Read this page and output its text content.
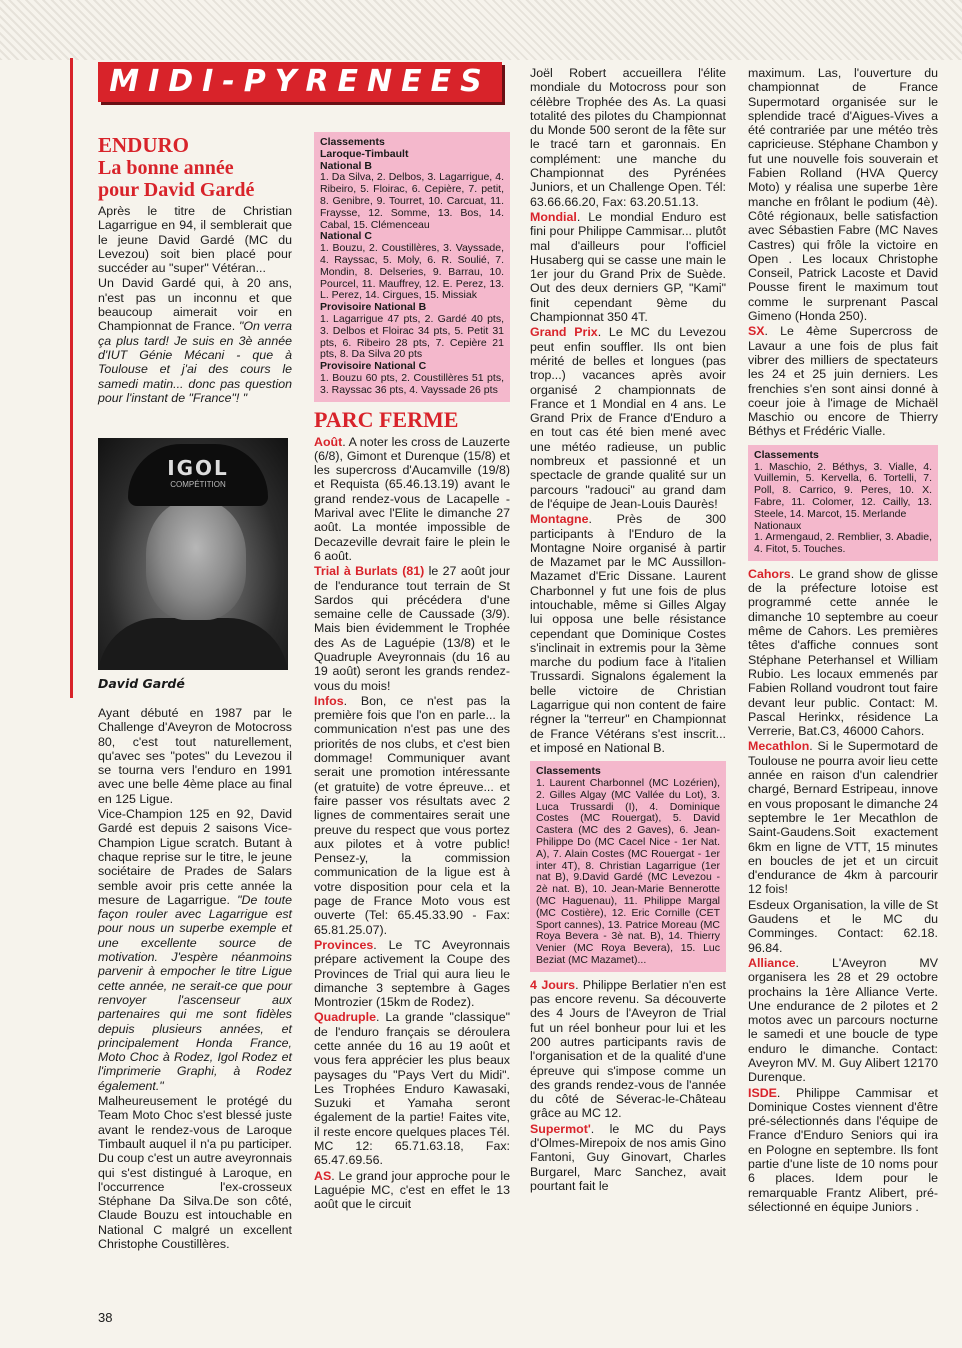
MIDI-PYRENEES
ENDURO
La bonne année
pour David Gardé

Après le titre de Christian Lagarrigue en 94, il semblerait que le jeune David Gardé (MC du Levezou) soit bien placé pour succéder au "super" Vétéran...

Un David Gardé qui, à 20 ans, n'est pas un inconnu et que beaucoup aimerait voir en Championnat de France. "On verra ça plus tard! Je suis en 3è année d'IUT Génie Mécani - que à Toulouse et j'ai des cours le samedi matin... donc pas question pour l'instant de "France"! "

IGOL
COMPÉTITION
David Gardé

Ayant débuté en 1987 par le Challenge d'Aveyron de Motocross 80, c'est tout naturellement, qu'avec ses "potes" du Levezou il se tourna vers l'enduro en 1991 avec une belle 4ème place au final en 125 Ligue.

Vice-Champion 125 en 92, David Gardé est depuis 2 saisons Vice-Champion Ligue scratch. Butant à chaque reprise sur le titre, le jeune sociétaire de Prades de Salars semble avoir pris cette année la mesure de Lagarrigue. "De toute façon rouler avec Lagarrigue est pour nous un superbe exemple et une excellente source de motivation. J'espère néanmoins parvenir à empocher le titre Ligue cette année, ne serait-ce que pour renvoyer l'ascenseur aux partenaires qui me sont fidèles depuis plusieurs années, et principalement Honda France, Moto Choc à Rodez, Igol Rodez et l'imprimerie Graphi, à Rodez également."

Malheureusement le protégé du Team Moto Choc s'est blessé juste avant le rendez-vous de Laroque Timbault auquel il n'a pu participer. Du coup c'est un autre aveyronnais qui s'est distingué à Laroque, en l'occurrence l'ex-crosseux Stéphane Da Silva.De son côté, Claude Bouzu est intouchable en National C malgré un excellent Christophe Coustillères.

Classements
Laroque-Timbault
National B
1. Da Silva, 2. Delbos, 3. Lagarrigue, 4. Ribeiro, 5. Floirac, 6. Cepière, 7. petit, 8. Genibre, 9. Tourret, 10. Carcuat, 11. Fraysse, 12. Somme, 13. Bos, 14. Cabal, 15. Clémenceau
National C
1. Bouzu, 2. Coustillères, 3. Vayssade, 4. Rayssac, 5. Moly, 6. R. Soulié, 7. Mondin, 8. Delseries, 9. Barrau, 10. Pourcel, 11. Mauffrey, 12. E. Perez, 13. L. Perez, 14. Cirgues, 15. Missiak
Provisoire National B
1. Lagarrigue 47 pts, 2. Gardé 40 pts, 3. Delbos et Floirac 34 pts, 5. Petit 31 pts, 6. Ribeiro 28 pts, 7. Cepière 21 pts, 8. Da Silva 20 pts
Provisoire National C
1. Bouzu 60 pts, 2. Coustillères 51 pts, 3. Rayssac 36 pts, 4. Vayssade 26 pts
PARC FERME

Août. A noter les cross de Lauzerte (6/8), Gimont et Durenque (15/8) et les supercross d'Aucamville (19/8) et Requista (65.46.13.19) avant le grand rendez-vous de Lacapelle -Marival avec l'Elite le dimanche 27 août. La montée impossible de Decazeville devrait faire le plein le 6 août.

Trial à Burlats (81) le 27 août jour de l'endurance tout terrain de St Sardos qui précédera d'une semaine celle de Caussade (3/9). Mais bien évidemment le Trophée des As de Laguépie (13/8) et le Quadruple Aveyronnais (du 16 au 19 août) seront les grands rendez-vous du mois!

Infos. Bon, ce n'est pas la première fois que l'on en parle... la communication n'est pas une des priorités de nos clubs, et c'est bien dommage! Communiquer avant serait une promotion intéressante (et gratuite) de votre épreuve... et faire passer vos résultats avec 2 lignes de commentaires serait une preuve du respect que vous portez aux pilotes et à votre public! Pensez-y, la commission communication de la ligue est à votre disposition pour cela et la page de France Moto vous est ouverte (Tel: 65.45.33.90 - Fax: 65.81.25.07).

Provinces. Le TC Aveyronnais prépare activement la Coupe des Provinces de Trial qui aura lieu le dimanche 3 septembre à Gages Montrozier (15km de Rodez).

Quadruple. La grande "classique" de l'enduro français se déroulera cette année du 16 au 19 août et vous fera apprécier les plus beaux paysages du "Pays Vert du Midi". Les Trophées Enduro Kawasaki, Suzuki et Yamaha seront également de la partie! Faites vite, il reste encore quelques places Tél. MC 12: 65.71.63.18, Fax: 65.47.69.56.

AS. Le grand jour approche pour le Laguépie MC, c'est en effet le 13 août que le circuit

Joël Robert accueillera l'élite mondiale du Motocross pour son célèbre Trophée des As. La quasi totalité des pilotes du Championnat du Monde 500 seront de la fête sur le tracé tarn et garonnais. En complément: une manche du Championnat des Pyrénées Juniors, et un Challenge Open. Tél: 63.66.66.20, Fax: 63.20.51.13.

Mondial. Le mondial Enduro est fini pour Philippe Cammisar... plutôt mal d'ailleurs pour l'officiel Husaberg qui se casse une main le 1er jour du Grand Prix de Suède. Out des deux derniers GP, "Kami" finit cependant 9ème du Championnat 350 4T.

Grand Prix. Le MC du Levezou peut enfin souffler. Ils ont bien mérité de belles et longues (pas trop...) vacances après avoir organisé 2 championnats de France et 1 Mondial en 4 ans. Le Grand Prix de France d'Enduro a en tout cas été bien mené avec une météo radieuse, un public nombreux et passionné et un spectacle de grande qualité sur un parcours "radouci" au grand dam de l'équipe de Jean-Louis Daurès!

Montagne. Près de 300 participants à l'Enduro de la Montagne Noire organisé à partir de Mazamet par le MC Aussillon-Mazamet d'Eric Dissane. Laurent Charbonnel y fut une fois de plus intouchable, même si Gilles Algay lui opposa une belle résistance cependant que Dominique Costes s'inclinait in extremis pour la 3ème marche du podium face à l'italien Trussardi. Signalons également la belle victoire de Christian Lagarrigue qui non content de faire régner la "terreur" en Championnat de France Vétérans s'est inscrit... et imposé en National B.

Classements
1. Laurent Charbonnel (MC Lozérien), 2. Gilles Algay (MC Vallée du Lot), 3. Luca Trussardi (I), 4. Dominique Costes (MC Rouergat), 5. David Castera (MC des 2 Gaves), 6. Jean-Philippe Do (MC Cacel Nice - 1er Nat. A), 7. Alain Costes (MC Rouergat - 1er inter 4T), 8. Christian Lagarrigue (1er nat B), 9.David Gardé (MC Levezou - 2è nat. B), 10. Jean-Marie Bennerotte (MC Haguenau), 11. Philippe Margal (MC Costière), 12. Eric Cornille (CET Sport cannes), 13. Patrice Moreau (MC Roya Bevera - 3è nat. B), 14. Thierry Venier (MC Roya Bevera), 15. Luc Beziat (MC Mazamet)...

4 Jours. Philippe Berlatier n'en est pas encore revenu. Sa découverte des 4 Jours de l'Aveyron de Trial fut un réel bonheur pour lui et les 200 autres participants ravis de l'organisation et de la qualité d'une épreuve qui s'impose comme un des grands rendez-vous de l'année du côté de Séverac-le-Château grâce au MC 12.

Supermot'. le MC du Pays d'Olmes-Mirepoix de nos amis Gino Fantoni, Guy Ginovart, Charles Burgarel, Marc Sanchez, avait pourtant fait le

maximum. Las, l'ouverture du championnat de France Supermotard organisée sur le splendide tracé d'Aigues-Vives a été contrariée par une météo très capricieuse. Stéphane Chambon y fut une nouvelle fois souverain et Fabien Rolland (HVA Quercy Moto) y réalisa une superbe 1ère manche en frôlant le podium (4è). Côté régionaux, belle satisfaction avec Sébastien Fabre (MC Naves Castres) qui frôle la victoire en Open . Les locaux Christophe Conseil, Patrick Lacoste et David Pousse firent le maximum tout comme le surprenant Pascal Gimeno (Honda 250).

SX. Le 4ème Supercross de Lavaur a une fois de plus fait vibrer des milliers de spectateurs les 24 et 25 juin derniers. Les frenchies s'en sont ainsi donné à coeur joie à l'image de Michaël Maschio ou encore de Thierry Béthys et Frédéric Vialle.

Classements
1. Maschio, 2. Béthys, 3. Vialle, 4. Vuillemin, 5. Kervella, 6. Tortelli, 7. Poll, 8. Carrico, 9. Peres, 10. X. Fabre, 11. Colomer, 12. Cailly, 13. Steele, 14. Marcot, 15. Merlande
Nationaux
1. Armengaud, 2. Remblier, 3. Abadie, 4. Fitot, 5. Touches.

Cahors. Le grand show de glisse de la préfecture lotoise est programmé cette année le dimanche 10 septembre au coeur même de Cahors. Les premières têtes d'affiche connues sont Stéphane Peterhansel et William Rubio. Les locaux emmenés par Fabien Rolland voudront tout faire devant leur public. Contact: M. Pascal Herinkx, résidence La Verrerie, Bat.C3, 46000 Cahors.

Mecathlon. Si le Supermotard de Toulouse ne pourra avoir lieu cette année en raison d'un calendrier chargé, Bernard Estripeau, innove en vous proposant le dimanche 24 septembre le 1er Mecathlon de Saint-Gaudens.Soit exactement 6km en ligne de VTT, 15 minutes en boucles de jet et un circuit d'endurance de 4km à parcourir 12 fois!

Esdeux Organisation, la ville de St Gaudens et le MC du Comminges. Contact: 62.18. 96.84.

Alliance. L'Aveyron MV organisera les 28 et 29 octobre prochains la 1ère Alliance Verte. Une endurance de 2 pilotes et 2 motos avec un parcours nocturne le samedi et une boucle de type enduro le dimanche. Contact: Aveyron MV. M. Guy Alibert 12170 Durenque.

ISDE. Philippe Cammisar et Dominique Costes viennent d'être pré-sélectionnés dans l'équipe de France d'Enduro Seniors qui ira en Pologne en septembre. Ils font partie d'une liste de 10 noms pour 6 places. Idem pour le remarquable Frantz Alibert, pré-sélectionné en équipe Juniors .

38
